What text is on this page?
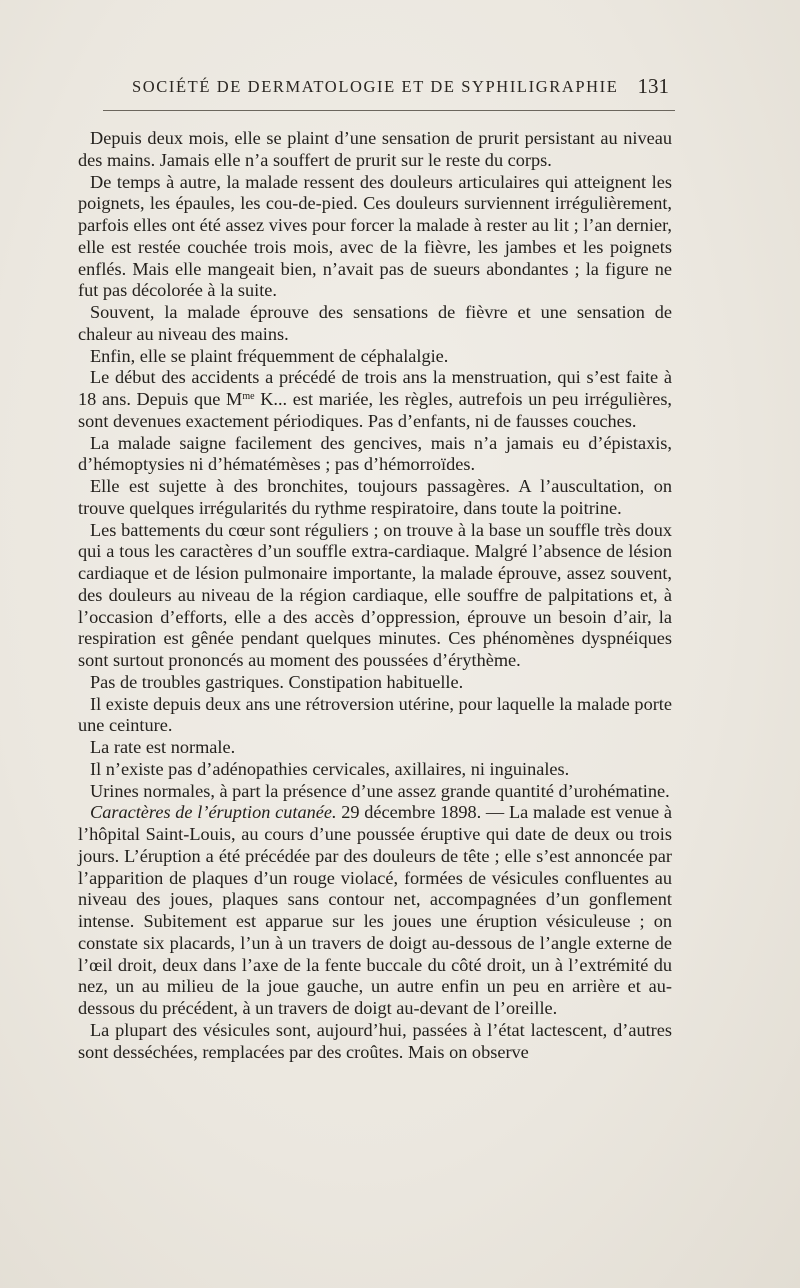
SOCIÉTÉ DE DERMATOLOGIE ET DE SYPHILIGRAPHIE 131

Depuis deux mois, elle se plaint d’une sensation de prurit persistant au niveau des mains. Jamais elle n’a souffert de prurit sur le reste du corps.

De temps à autre, la malade ressent des douleurs articulaires qui atteignent les poignets, les épaules, les cou-de-pied. Ces douleurs surviennent irrégulièrement, parfois elles ont été assez vives pour forcer la malade à rester au lit ; l’an dernier, elle est restée couchée trois mois, avec de la fièvre, les jambes et les poignets enflés. Mais elle mangeait bien, n’avait pas de sueurs abondantes ; la figure ne fut pas décolorée à la suite.

Souvent, la malade éprouve des sensations de fièvre et une sensation de chaleur au niveau des mains.

Enfin, elle se plaint fréquemment de céphalalgie.

Le début des accidents a précédé de trois ans la menstruation, qui s’est faite à 18 ans. Depuis que $M^{me}$ K... est mariée, les règles, autrefois un peu irrégulières, sont devenues exactement périodiques. Pas d’enfants, ni de fausses couches.

La malade saigne facilement des gencives, mais n’a jamais eu d’épistaxis, d’hémoptysies ni d’hématémèses ; pas d’hémorroïdes.

Elle est sujette à des bronchites, toujours passagères. A l’auscultation, on trouve quelques irrégularités du rythme respiratoire, dans toute la poitrine.

Les battements du cœur sont réguliers ; on trouve à la base un souffle très doux qui a tous les caractères d’un souffle extra-cardiaque. Malgré l’absence de lésion cardiaque et de lésion pulmonaire importante, la malade éprouve, assez souvent, des douleurs au niveau de la région cardiaque, elle souffre de palpitations et, à l’occasion d’efforts, elle a des accès d’oppression, éprouve un besoin d’air, la respiration est gênée pendant quelques minutes. Ces phénomènes dyspnéiques sont surtout prononcés au moment des poussées d’érythème.

Pas de troubles gastriques. Constipation habituelle.

Il existe depuis deux ans une rétroversion utérine, pour laquelle la malade porte une ceinture.

La rate est normale.

Il n’existe pas d’adénopathies cervicales, axillaires, ni inguinales.

Urines normales, à part la présence d’une assez grande quantité d’urohématine.

Caractères de l’éruption cutanée. 29 décembre 1898. — La malade est venue à l’hôpital Saint-Louis, au cours d’une poussée éruptive qui date de deux ou trois jours. L’éruption a été précédée par des douleurs de tête ; elle s’est annoncée par l’apparition de plaques d’un rouge violacé, formées de vésicules confluentes au niveau des joues, plaques sans contour net, accompagnées d’un gonflement intense. Subitement est apparue sur les joues une éruption vésiculeuse ; on constate six placards, l’un à un travers de doigt au-dessous de l’angle externe de l’œil droit, deux dans l’axe de la fente buccale du côté droit, un à l’extrémité du nez, un au milieu de la joue gauche, un autre enfin un peu en arrière et au-dessous du précédent, à un travers de doigt au-devant de l’oreille.

La plupart des vésicules sont, aujourd’hui, passées à l’état lactescent, d’autres sont desséchées, remplacées par des croûtes. Mais on observe
